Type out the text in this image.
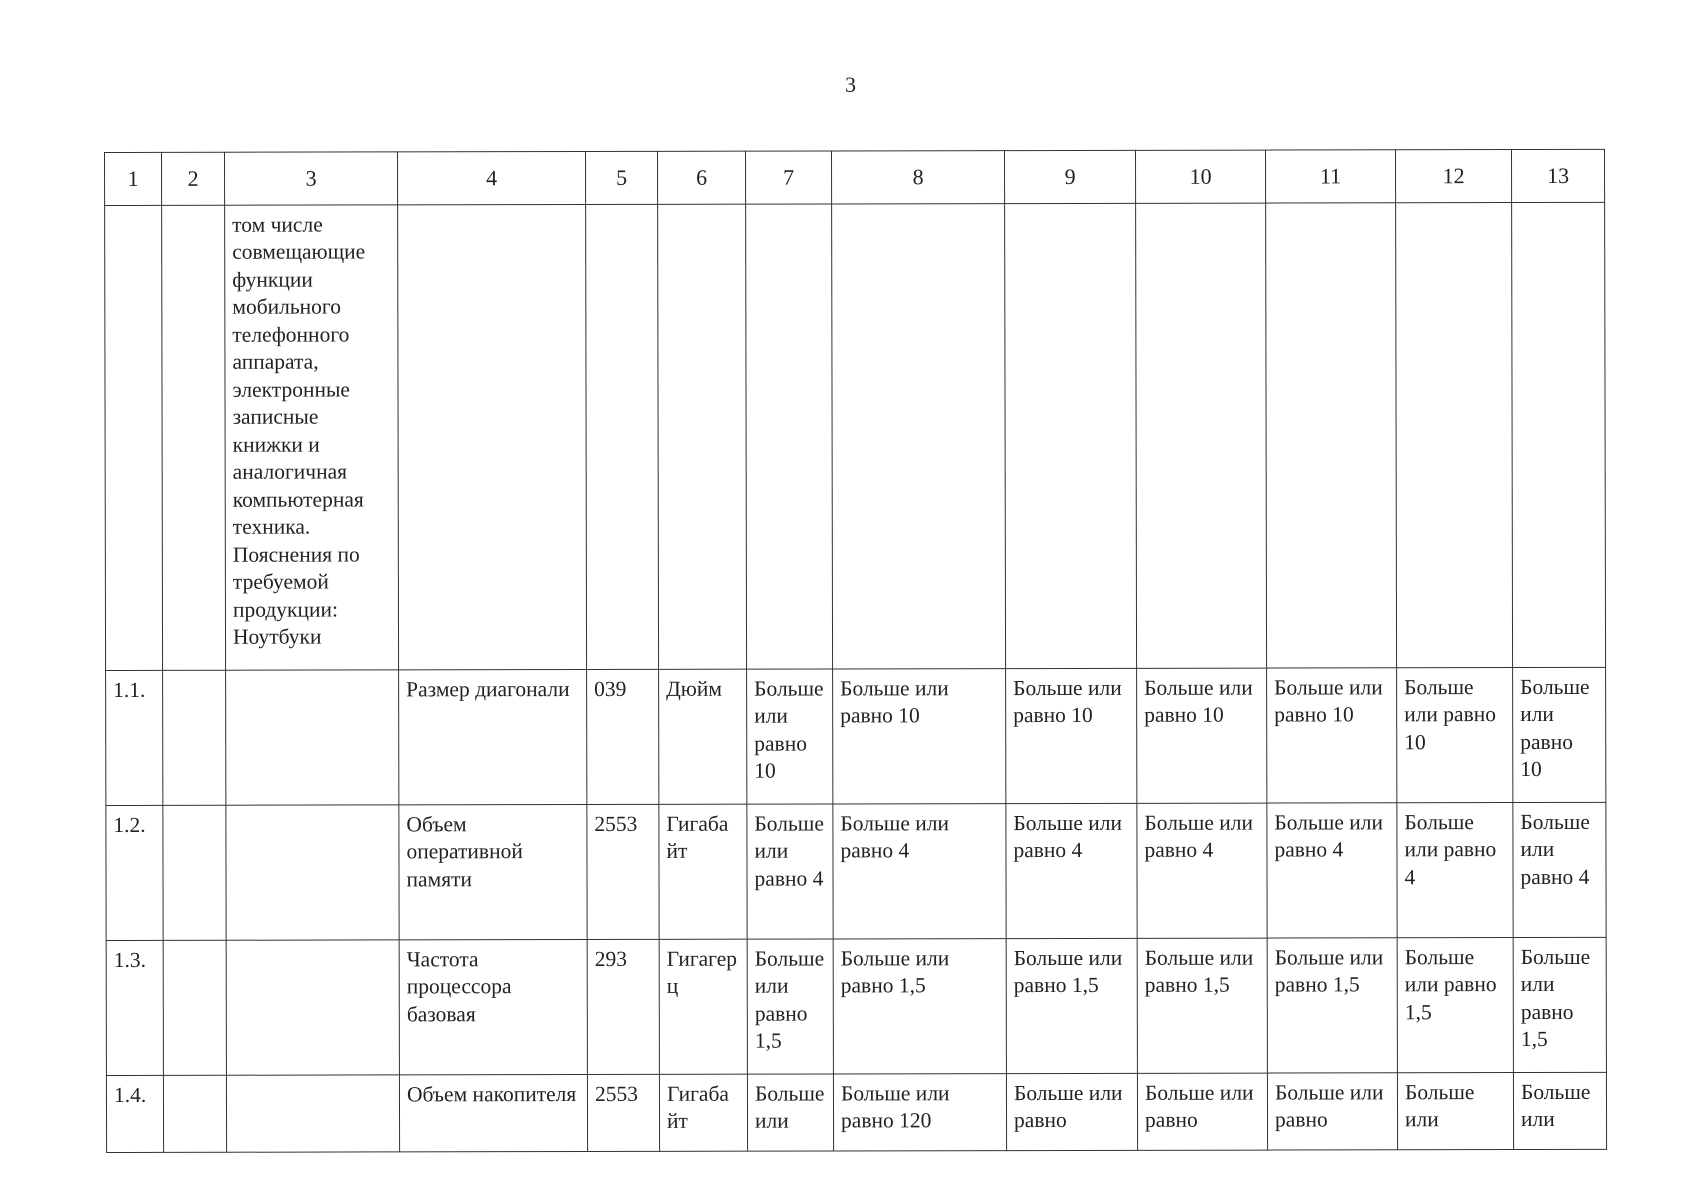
3
1	2	3	4	5	6	7	8	9	10	11	12	13
		том числе совмещающие функции мобильного телефонного аппарата, электронные записные книжки и аналогичная компьютерная техника. Пояснения по требуемой продукции: Ноутбуки										
1.1.			Размер диагонали	039	Дюйм	Больше или равно 10	Больше или равно 10	Больше или равно 10	Больше или равно 10	Больше или равно 10	Больше или равно 10	Больше или равно 10
1.2.			Объем оперативной памяти	2553	Гигабайт	Больше или равно 4	Больше или равно 4	Больше или равно 4	Больше или равно 4	Больше или равно 4	Больше или равно 4	Больше или равно 4
1.3.			Частота процессора базовая	293	Гигагерц	Больше или равно 1,5	Больше или равно 1,5	Больше или равно 1,5	Больше или равно 1,5	Больше или равно 1,5	Больше или равно 1,5	Больше или равно 1,5
1.4.			Объем накопителя	2553	Гигабайт	Больше или	Больше или равно 120	Больше или равно	Больше или равно	Больше или равно	Больше или	Больше или
